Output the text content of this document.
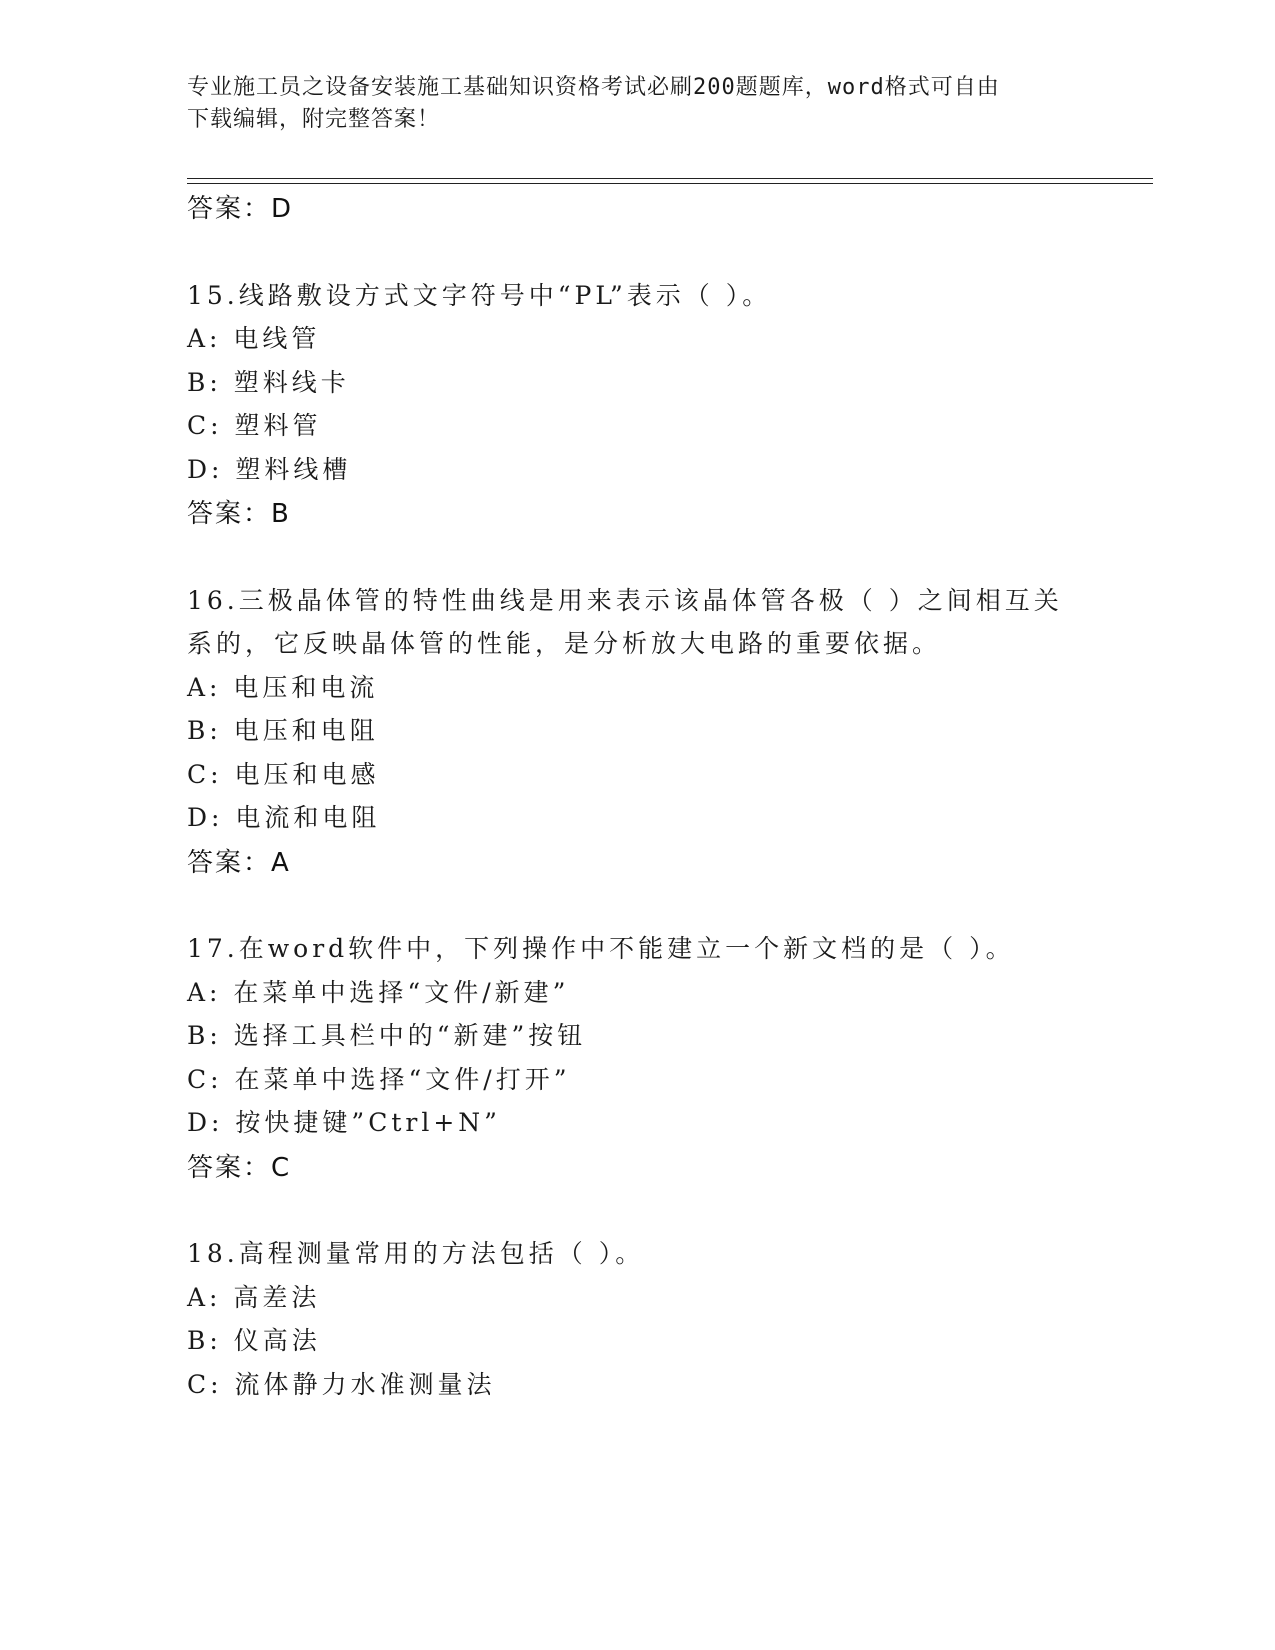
专业施工员之设备安装施工基础知识资格考试必刷200题题库，word格式可自由
下载编辑，附完整答案！
答案：D
15.线路敷设方式文字符号中“PL”表示（ ）。
A: 电线管
B: 塑料线卡
C: 塑料管
D: 塑料线槽
答案：B
16.三极晶体管的特性曲线是用来表示该晶体管各极（ ）之间相互关
系的，它反映晶体管的性能，是分析放大电路的重要依据。
A: 电压和电流
B: 电压和电阻
C: 电压和电感
D: 电流和电阻
答案：A
17.在word软件中，下列操作中不能建立一个新文档的是（ ）。
A: 在菜单中选择“文件/新建”
B: 选择工具栏中的“新建”按钮
C: 在菜单中选择“文件/打开”
D: 按快捷键”Ctrl+N”
答案：C
18.高程测量常用的方法包括（ ）。
A: 高差法
B: 仪高法
C: 流体静力水准测量法
